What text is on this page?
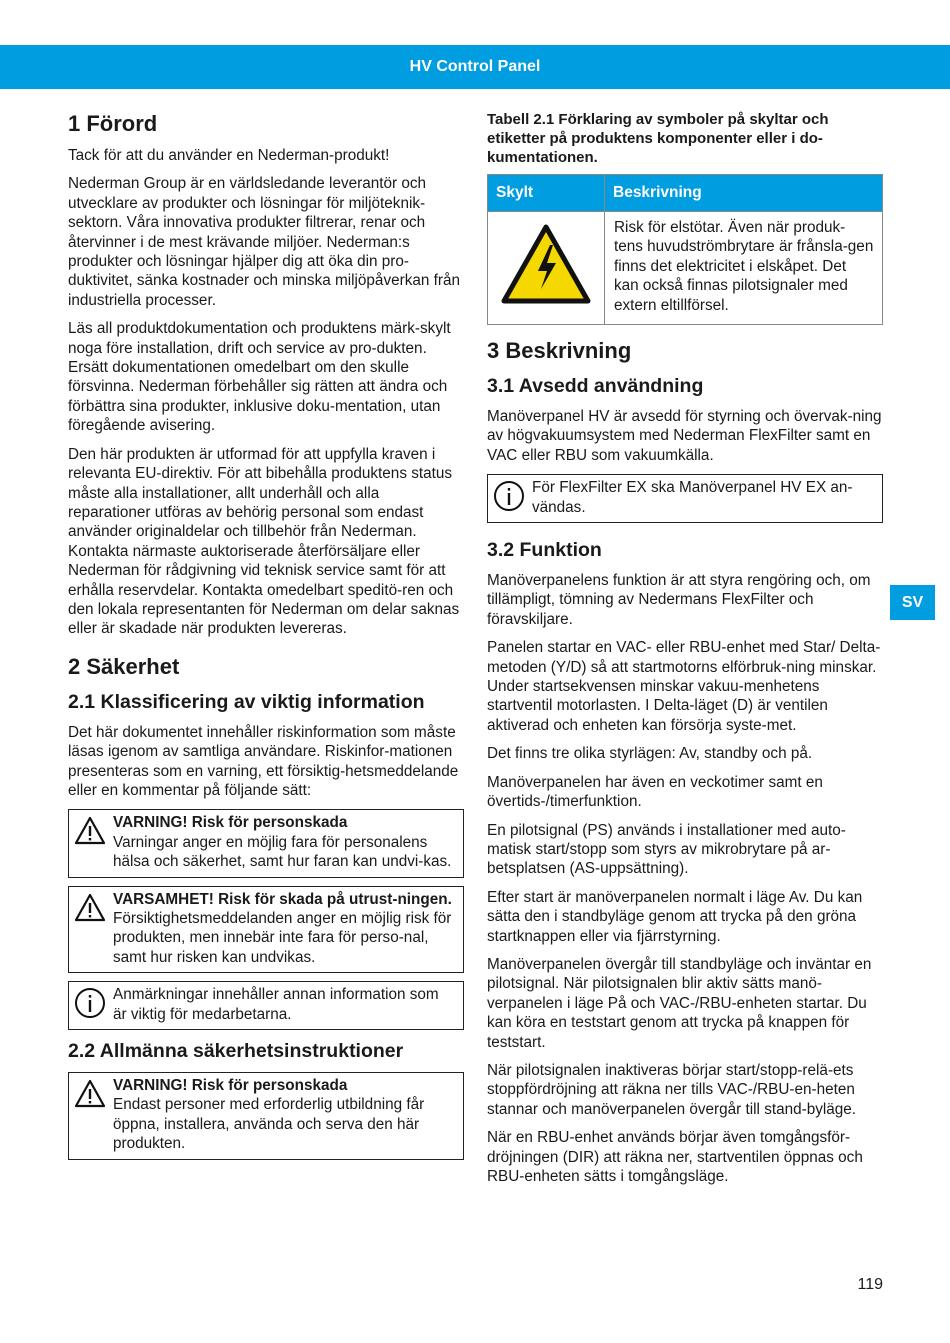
HV Control Panel
1 Förord

Tack för att du använder en Nederman-produkt!

Nederman Group är en världsledande leverantör och utvecklare av produkter och lösningar för miljöteknik-sektorn. Våra innovativa produkter filtrerar, renar och återvinner i de mest krävande miljöer. Nederman:s produkter och lösningar hjälper dig att öka din pro-duktivitet, sänka kostnader och minska miljöpåverkan från industriella processer.

Läs all produktdokumentation och produktens märk-skylt noga före installation, drift och service av pro-dukten. Ersätt dokumentationen omedelbart om den skulle försvinna. Nederman förbehåller sig rätten att ändra och förbättra sina produkter, inklusive doku-mentation, utan föregående avisering.

Den här produkten är utformad för att uppfylla kraven i relevanta EU-direktiv. För att bibehålla produktens status måste alla installationer, allt underhåll och alla reparationer utföras av behörig personal som endast använder originaldelar och tillbehör från Nederman. Kontakta närmaste auktoriserade återförsäljare eller Nederman för rådgivning vid teknisk service samt för att erhålla reservdelar. Kontakta omedelbart speditö-ren och den lokala representanten för Nederman om delar saknas eller är skadade när produkten levereras.

2 Säkerhet
2.1 Klassificering av viktig information

Det här dokumentet innehåller riskinformation som måste läsas igenom av samtliga användare. Riskinfor-mationen presenteras som en varning, ett försiktig-hetsmeddelande eller en kommentar på följande sätt:

VARNING! Risk för personskada
Varningar anger en möjlig fara för personalens hälsa och säkerhet, samt hur faran kan undvi-kas.
VARSAMHET! Risk för skada på utrust-ningen.
Försiktighetsmeddelanden anger en möjlig risk för produkten, men innebär inte fara för perso-nal, samt hur risken kan undvikas.
Anmärkningar innehåller annan information som är viktig för medarbetarna.
2.2 Allmänna säkerhetsinstruktioner
VARNING! Risk för personskada
Endast personer med erforderlig utbildning får öppna, installera, använda och serva den här produkten.
Tabell 2.1 Förklaring av symboler på skyltar och etiketter på produktens komponenter eller i do-kumentationen.
Skylt	Beskrivning
	Risk för elstötar. Även när produk-tens huvudströmbrytare är frånsla-gen finns det elektricitet i elskåpet. Det kan också finnas pilotsignaler med extern eltillförsel.
3 Beskrivning
3.1 Avsedd användning

Manöverpanel HV är avsedd för styrning och övervak-ning av högvakuumsystem med Nederman FlexFilter samt en VAC eller RBU som vakuumkälla.

För FlexFilter EX ska Manöverpanel HV EX an-vändas.
3.2 Funktion

Manöverpanelens funktion är att styra rengöring och, om tillämpligt, tömning av Nedermans FlexFilter och föravskiljare.

Panelen startar en VAC- eller RBU-enhet med Star/ Delta-metoden (Y/D) så att startmotorns elförbruk-ning minskar. Under startsekvensen minskar vakuu-menhetens startventil motorlasten. I Delta-läget (D) är ventilen aktiverad och enheten kan försörja syste-met.

Det finns tre olika styrlägen: Av, standby och på.

Manöverpanelen har även en veckotimer samt en övertids-/timerfunktion.

En pilotsignal (PS) används i installationer med auto-matisk start/stopp som styrs av mikrobrytare på ar-betsplatsen (AS-uppsättning).

Efter start är manöverpanelen normalt i läge Av. Du kan sätta den i standbyläge genom att trycka på den gröna startknappen eller via fjärrstyrning.

Manöverpanelen övergår till standbyläge och inväntar en pilotsignal. När pilotsignalen blir aktiv sätts manö-verpanelen i läge På och VAC-/RBU-enheten startar. Du kan köra en teststart genom att trycka på knappen för teststart.

När pilotsignalen inaktiveras börjar start/stopp-relä-ets stoppfördröjning att räkna ner tills VAC-/RBU-en-heten stannar och manöverpanelen övergår till stand-byläge.

När en RBU-enhet används börjar även tomgångsför-dröjningen (DIR) att räkna ner, startventilen öppnas och RBU-enheten sätts i tomgångsläge.

SV
119
